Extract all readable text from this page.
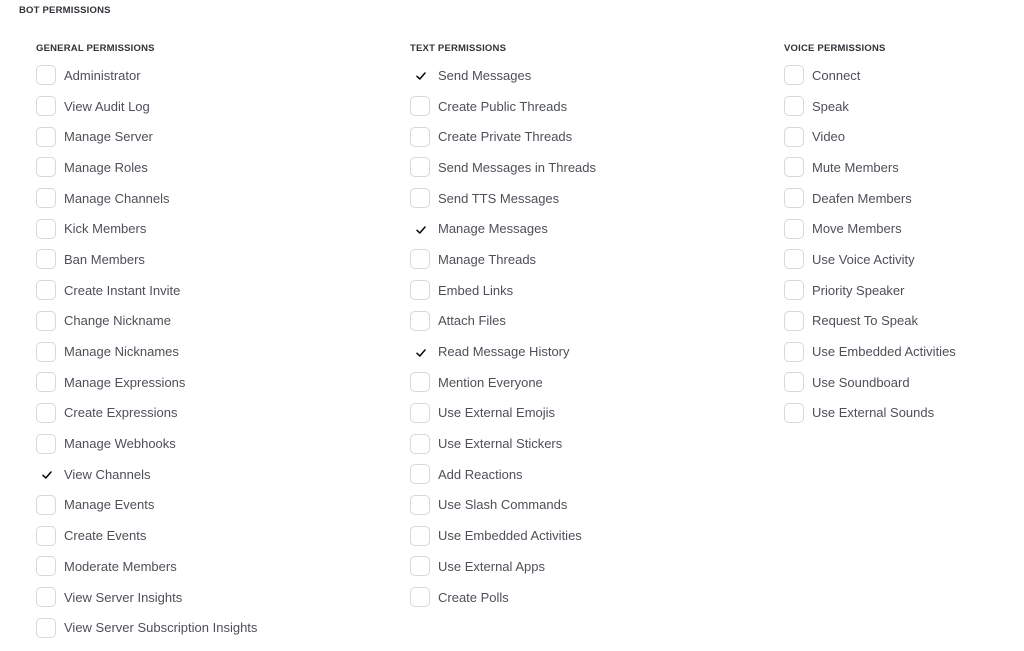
BOT PERMISSIONS
GENERAL PERMISSIONS
Administrator
View Audit Log
Manage Server
Manage Roles
Manage Channels
Kick Members
Ban Members
Create Instant Invite
Change Nickname
Manage Nicknames
Manage Expressions
Create Expressions
Manage Webhooks
View Channels
Manage Events
Create Events
Moderate Members
View Server Insights
View Server Subscription Insights
TEXT PERMISSIONS
Send Messages
Create Public Threads
Create Private Threads
Send Messages in Threads
Send TTS Messages
Manage Messages
Manage Threads
Embed Links
Attach Files
Read Message History
Mention Everyone
Use External Emojis
Use External Stickers
Add Reactions
Use Slash Commands
Use Embedded Activities
Use External Apps
Create Polls
VOICE PERMISSIONS
Connect
Speak
Video
Mute Members
Deafen Members
Move Members
Use Voice Activity
Priority Speaker
Request To Speak
Use Embedded Activities
Use Soundboard
Use External Sounds
